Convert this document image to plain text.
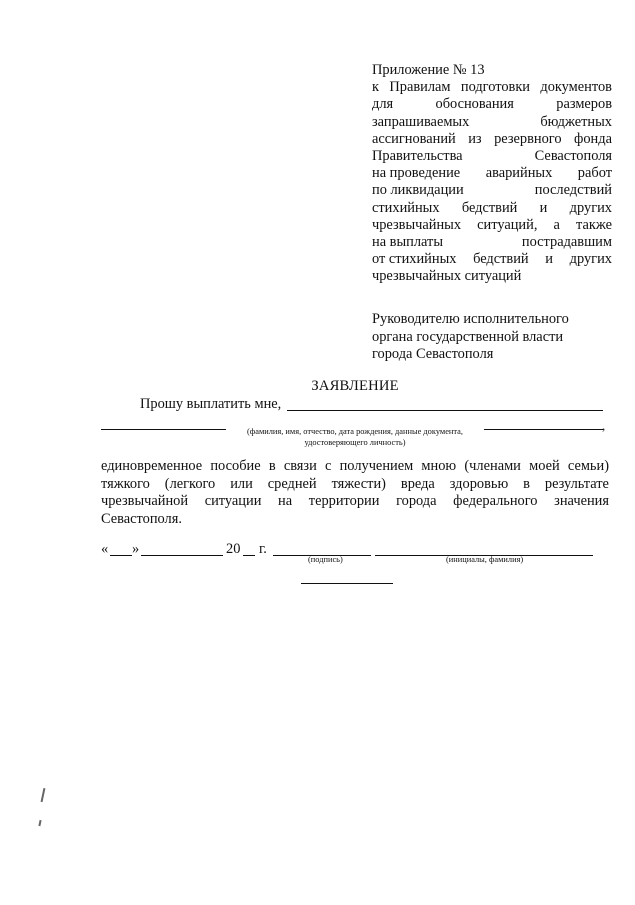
Приложение № 13
к Правилам подготовки документов
для	обоснования	размеров
запрашиваемых	бюджетных
ассигнований из резервного фонда
Правительства	Севастополя
на проведение аварийных работ
по ликвидации	последствий
стихийных бедствий и других
чрезвычайных ситуаций, а также
на выплаты	пострадавшим
от стихийных бедствий и других
чрезвычайных ситуаций
Руководителю исполнительного
органа государственной власти
города Севастополя
ЗАЯВЛЕНИЕ
Прошу выплатить мне,
,
(фамилия, имя, отчество, дата рождения, данные документа,
удостоверяющего личность)
единовременное пособие в связи с получением мною (членами моей семьи)
тяжкого (легкого или средней тяжести) вреда здоровью в результате
чрезвычайной ситуации на территории города федерального значения
Севастополя.
« »	20 г.
(подпись)	(инициалы, фамилия)
